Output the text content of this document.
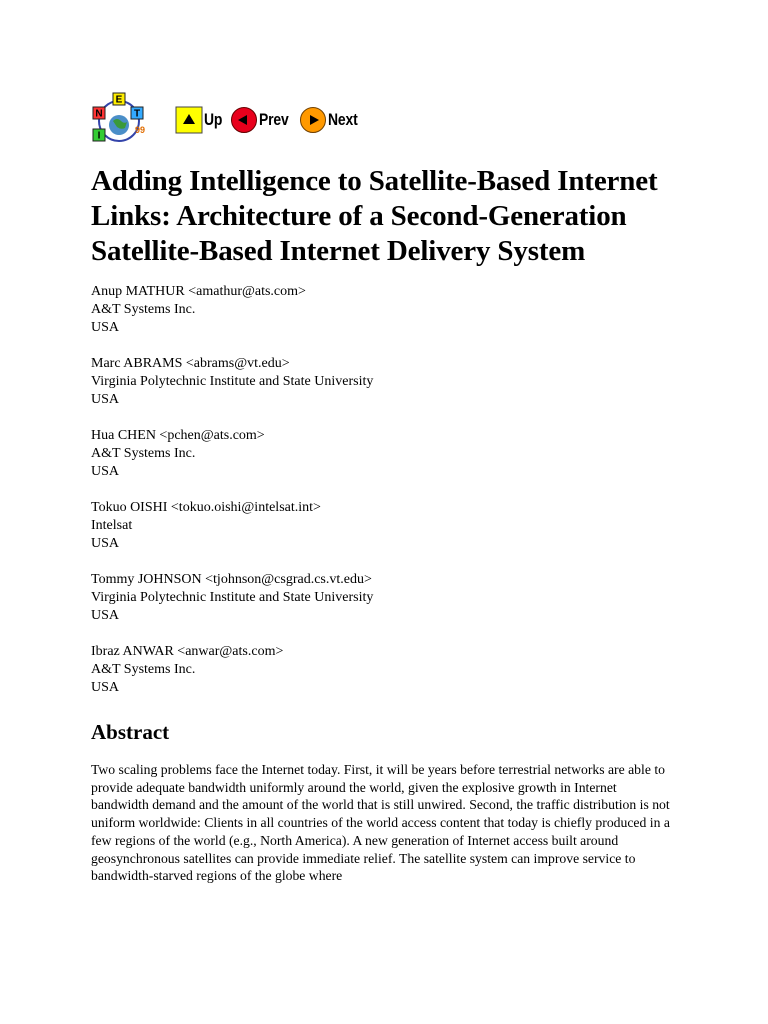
N
E
T
I
99
Up Prev Next
Adding Intelligence to Satellite-Based Internet Links: Architecture of a Second-Generation Satellite-Based Internet Delivery System
Anup MATHUR <amathur@ats.com>
A&T Systems Inc.
USA
Marc ABRAMS <abrams@vt.edu>
Virginia Polytechnic Institute and State University
USA
Hua CHEN <pchen@ats.com>
A&T Systems Inc.
USA
Tokuo OISHI <tokuo.oishi@intelsat.int>
Intelsat
USA
Tommy JOHNSON <tjohnson@csgrad.cs.vt.edu>
Virginia Polytechnic Institute and State University
USA
Ibraz ANWAR <anwar@ats.com>
A&T Systems Inc.
USA
Abstract

Two scaling problems face the Internet today. First, it will be years before terrestrial networks are able to provide adequate bandwidth uniformly around the world, given the explosive growth in Internet bandwidth demand and the amount of the world that is still unwired. Second, the traffic distribution is not uniform worldwide: Clients in all countries of the world access content that today is chiefly produced in a few regions of the world (e.g., North America). A new generation of Internet access built around geosynchronous satellites can provide immediate relief. The satellite system can improve service to bandwidth-starved regions of the globe where
